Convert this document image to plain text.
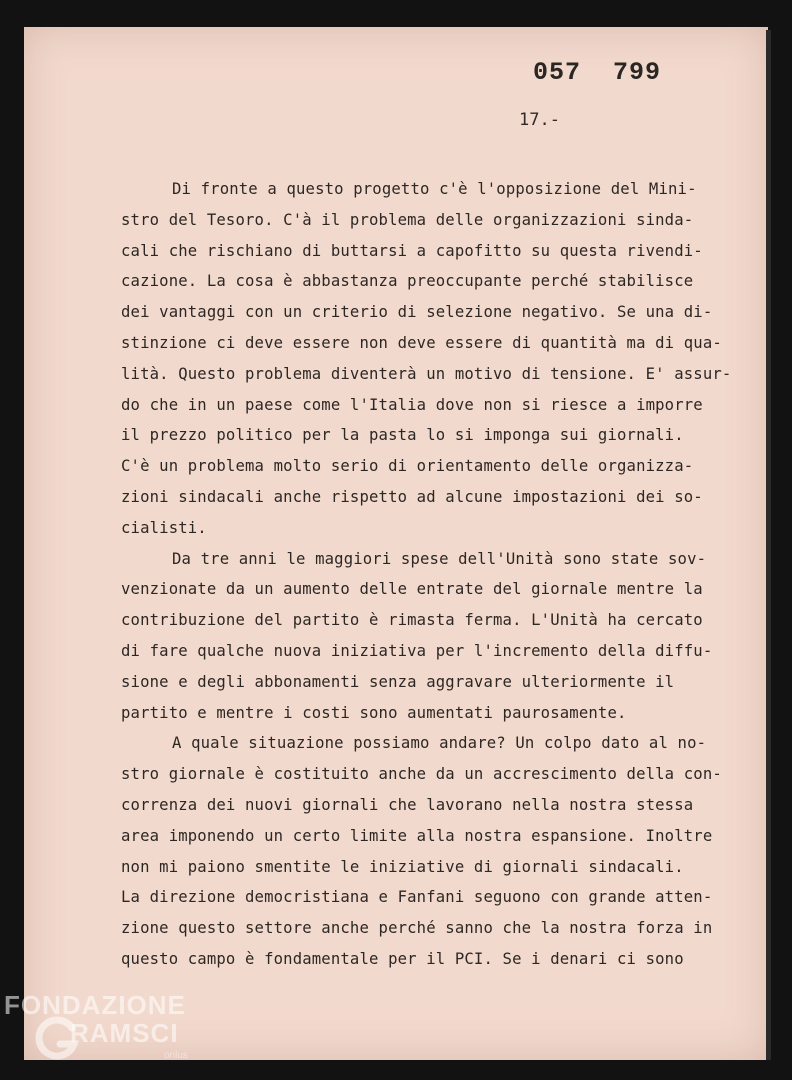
057  799
17.-
Di fronte a questo progetto c'è l'opposizione del Mini-
stro del Tesoro. C'à il problema delle organizzazioni sinda-
cali che rischiano di buttarsi a capofitto su questa rivendi-
cazione. La cosa è abbastanza preoccupante perché stabilisce
dei vantaggi con un criterio di selezione negativo. Se una di-
stinzione ci deve essere non deve essere di quantità ma di qua-
lità. Questo problema diventerà un motivo di tensione. E' assur-
do che in un paese come l'Italia dove non si riesce a imporre
il prezzo politico per la pasta lo si imponga sui giornali.
C'è un problema molto serio di orientamento delle organizza-
zioni sindacali anche rispetto ad alcune impostazioni dei so-
cialisti.
Da tre anni le maggiori spese dell'Unità sono state sov-
venzionate da un aumento delle entrate del giornale mentre la
contribuzione del partito è rimasta ferma. L'Unità ha cercato
di fare qualche nuova iniziativa per l'incremento della diffu-
sione e degli abbonamenti senza aggravare ulteriormente il
partito e mentre i costi sono aumentati paurosamente.
A quale situazione possiamo andare? Un colpo dato al no-
stro giornale è costituito anche da un accrescimento della con-
correnza dei nuovi giornali che lavorano nella nostra stessa
area imponendo un certo limite alla nostra espansione. Inoltre
non mi paiono smentite le iniziative di giornali sindacali.
La direzione democristiana e Fanfani seguono con grande atten-
zione questo settore anche perché sanno che la nostra forza in
questo campo è fondamentale per il PCI. Se i denari ci sono
FONDAZIONE
RAMSCI
onlus
